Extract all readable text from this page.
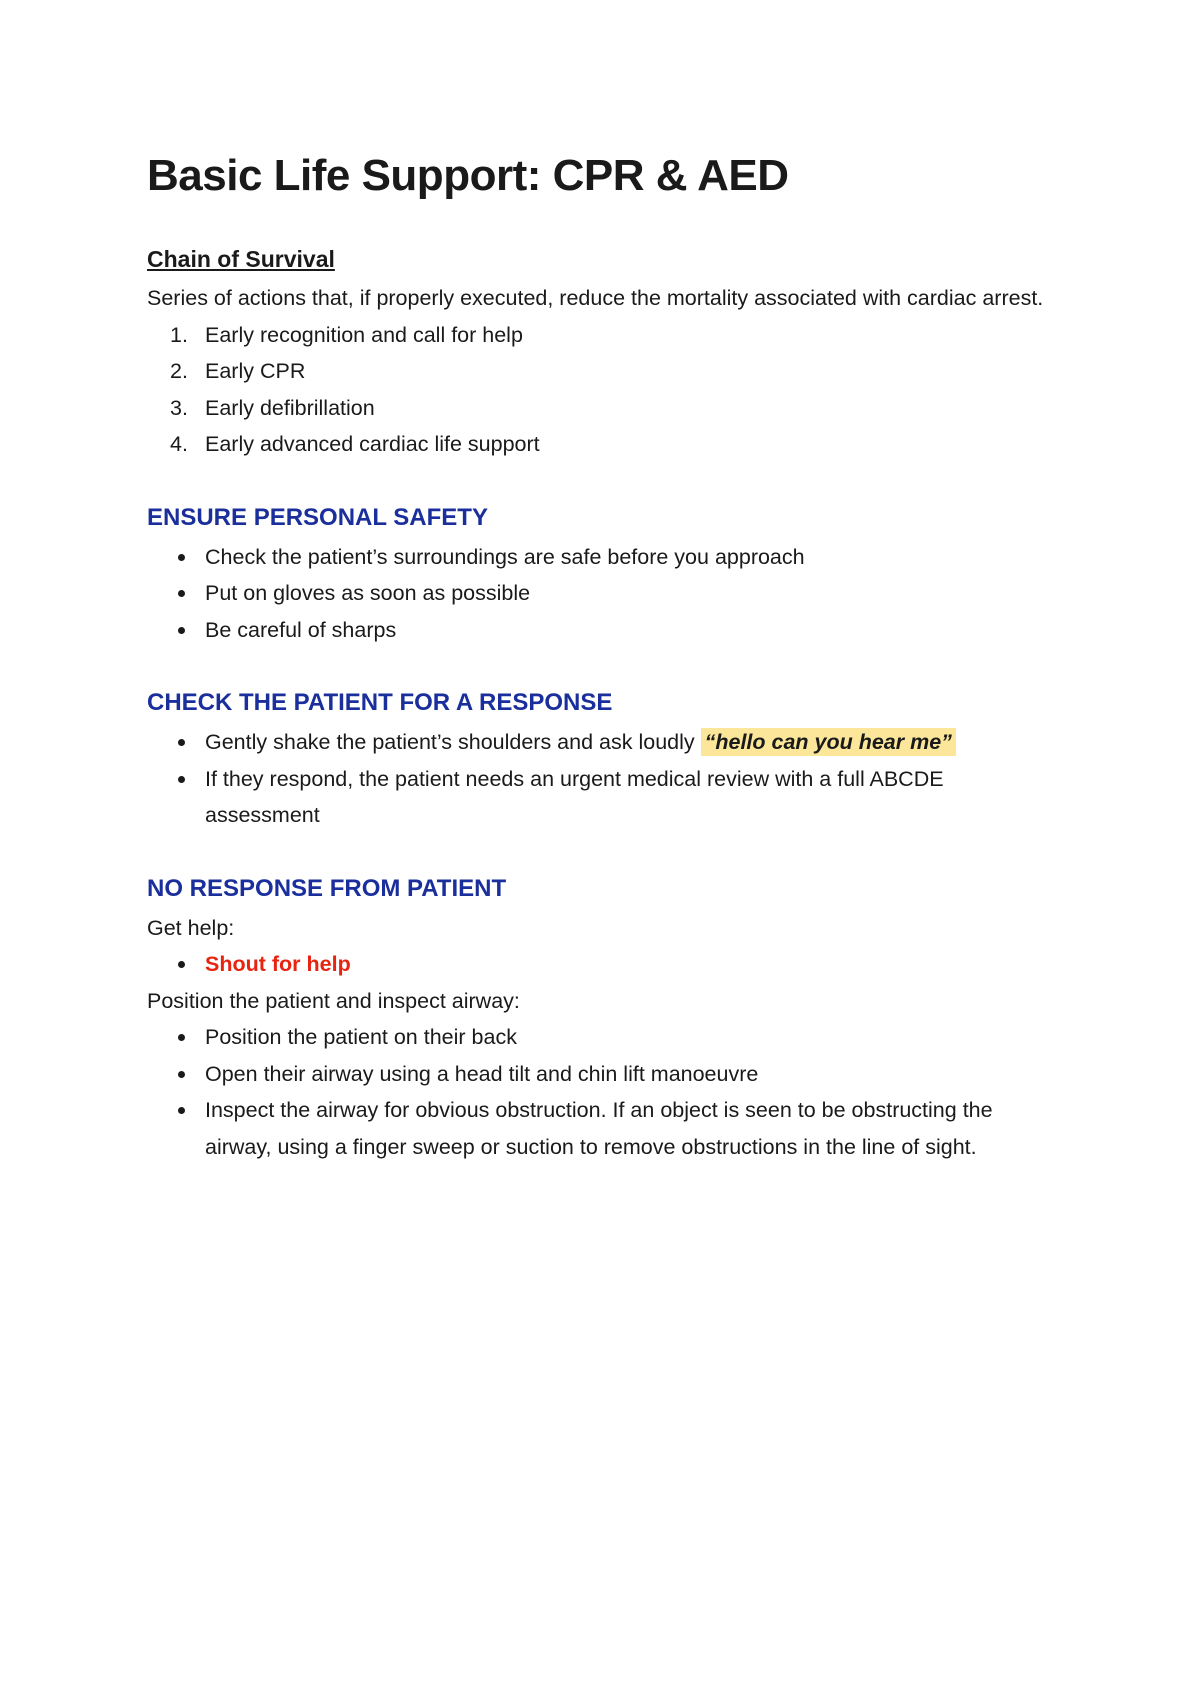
Basic Life Support: CPR & AED
Chain of Survival

Series of actions that, if properly executed, reduce the mortality associated with cardiac arrest.

1. Early recognition and call for help
2. Early CPR
3. Early defibrillation
4. Early advanced cardiac life support
ENSURE PERSONAL SAFETY
Check the patient’s surroundings are safe before you approach
Put on gloves as soon as possible
Be careful of sharps
CHECK THE PATIENT FOR A RESPONSE
Gently shake the patient’s shoulders and ask loudly “hello can you hear me”
If they respond, the patient needs an urgent medical review with a full ABCDE assessment
NO RESPONSE FROM PATIENT

Get help:

Shout for help

Position the patient and inspect airway:

Position the patient on their back
Open their airway using a head tilt and chin lift manoeuvre
Inspect the airway for obvious obstruction. If an object is seen to be obstructing the airway, using a finger sweep or suction to remove obstructions in the line of sight.
